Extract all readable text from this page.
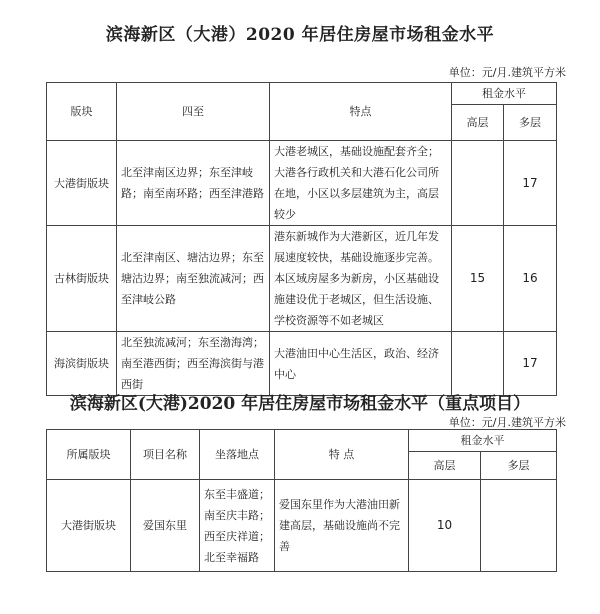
滨海新区（大港）2020 年居住房屋市场租金水平
单位：元/月.建筑平方米
版块	四至	特点	租金水平	
			高层	多层
大港街版块	北至津南区边界；东至津岐路；南至南环路；西至津港路	大港老城区，基础设施配套齐全；大港各行政机关和大港石化公司所在地，小区以多层建筑为主，高层较少		17
古林街版块	北至津南区、塘沽边界；东至塘沽边界；南至独流减河；西至津岐公路	港东新城作为大港新区，近几年发展速度较快，基础设施逐步完善。本区域房屋多为新房，小区基础设施建设优于老城区，但生活设施、学校资源等不如老城区	15	16
海滨街版块	北至独流减河；东至渤海湾；南至港西街；西至海滨街与港西街	大港油田中心生活区，政治、经济中心		17
滨海新区(大港)2020 年居住房屋市场租金水平（重点项目）
单位：元/月.建筑平方米
所属版块	项目名称	坐落地点	特 点	租金水平	
				高层	多层
大港街版块	爱国东里	东至丰盛道；南至庆丰路；西至庆祥道；北至幸福路	爱国东里作为大港油田新建高层，基础设施尚不完善	10	
